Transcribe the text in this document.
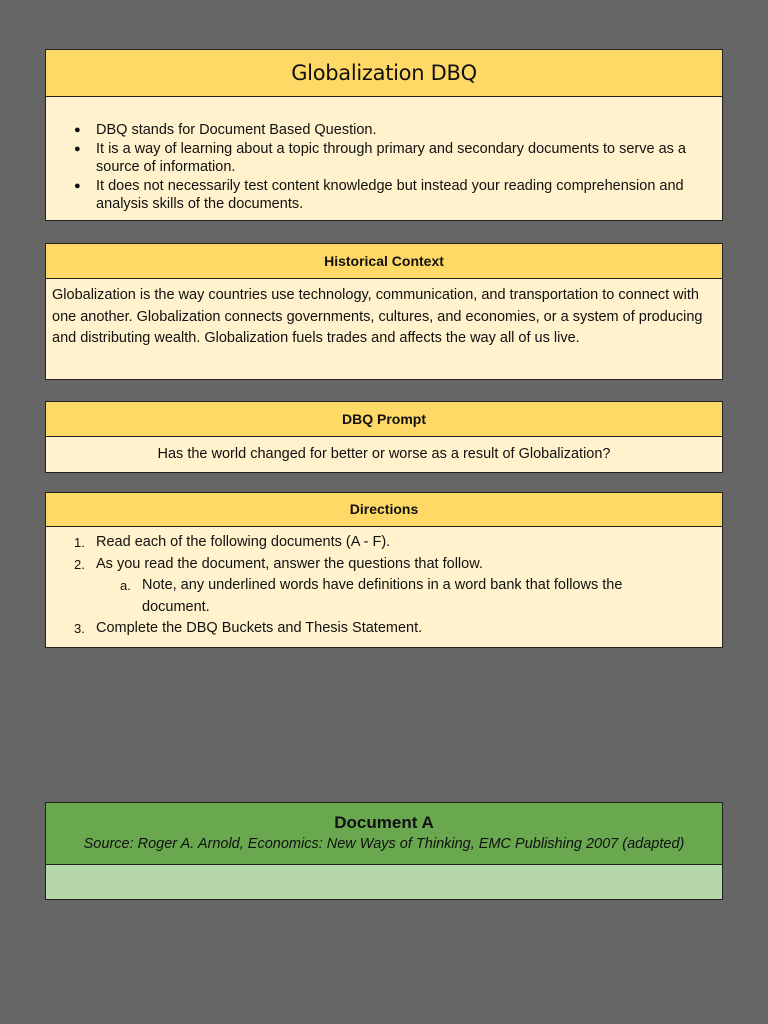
Globalization DBQ
● DBQ stands for Document Based Question.
● It is a way of learning about a topic through primary and secondary documents to serve as a source of information.
● It does not necessarily test content knowledge but instead your reading comprehension and analysis skills of the documents.
Historical Context
Globalization is the way countries use technology, communication, and transportation to connect with one another. Globalization connects governments, cultures, and economies, or a system of producing and distributing wealth. Globalization fuels trades and affects the way all of us live.
DBQ Prompt
Has the world changed for better or worse as a result of Globalization?
Directions
1. Read each of the following documents (A - F).
2. As you read the document, answer the questions that follow.
a. Note, any underlined words have definitions in a word bank that follows the document.
3. Complete the DBQ Buckets and Thesis Statement.
Document A
Source: Roger A. Arnold, Economics: New Ways of Thinking, EMC Publishing 2007 (adapted)
